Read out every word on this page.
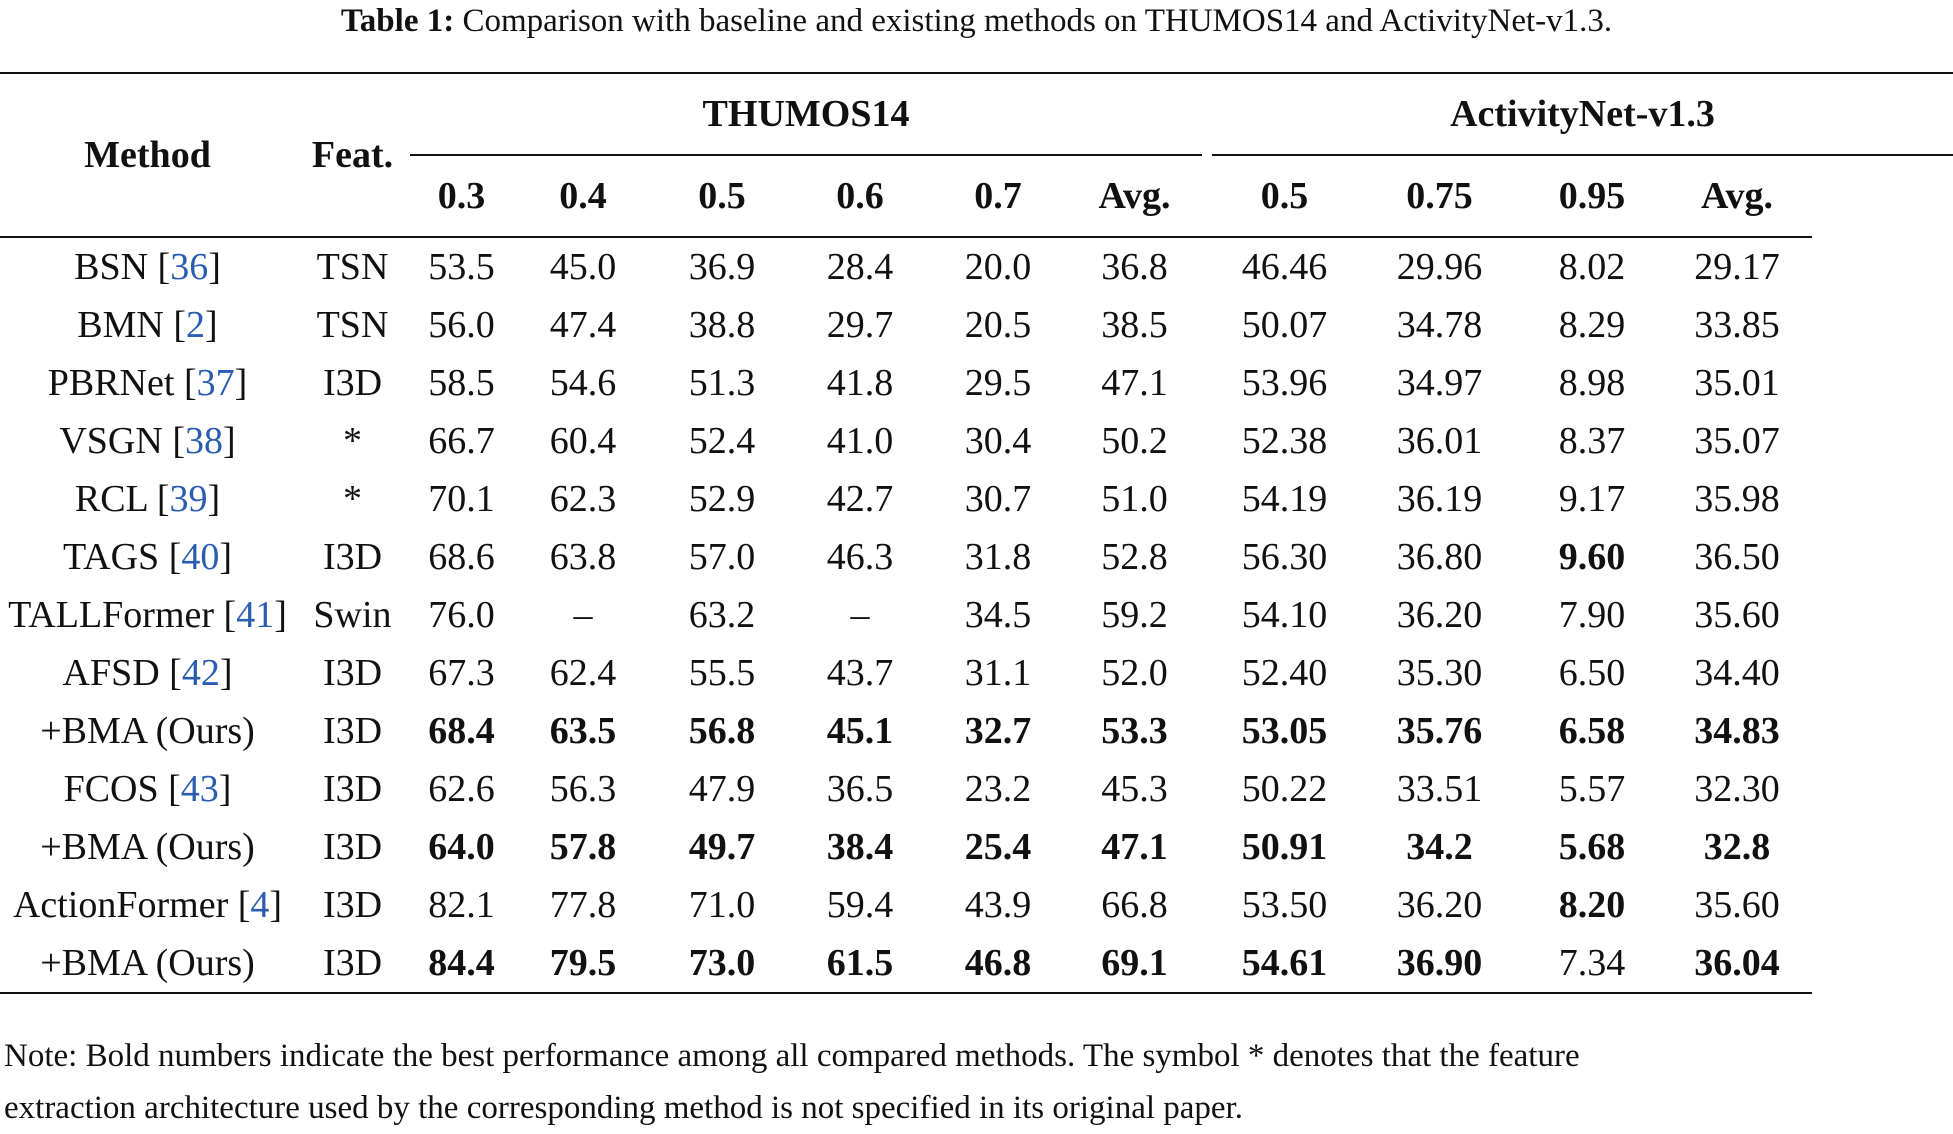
Table 1: Comparison with baseline and existing methods on THUMOS14 and ActivityNet-v1.3.
Method	Feat.	THUMOS14							ActivityNet-v1.3			
		0.3	0.4	0.5	0.6	0.7	Avg.		0.5	0.75	0.95	Avg.
BSN [36]	TSN	53.5	45.0	36.9	28.4	20.0	36.8		46.46	29.96	8.02	29.17
BMN [2]	TSN	56.0	47.4	38.8	29.7	20.5	38.5		50.07	34.78	8.29	33.85
PBRNet [37]	I3D	58.5	54.6	51.3	41.8	29.5	47.1		53.96	34.97	8.98	35.01
VSGN [38]	*	66.7	60.4	52.4	41.0	30.4	50.2		52.38	36.01	8.37	35.07
RCL [39]	*	70.1	62.3	52.9	42.7	30.7	51.0		54.19	36.19	9.17	35.98
TAGS [40]	I3D	68.6	63.8	57.0	46.3	31.8	52.8		56.30	36.80	9.60	36.50
TALLFormer [41]	Swin	76.0	–	63.2	–	34.5	59.2		54.10	36.20	7.90	35.60
AFSD [42]	I3D	67.3	62.4	55.5	43.7	31.1	52.0		52.40	35.30	6.50	34.40
+BMA (Ours)	I3D	68.4	63.5	56.8	45.1	32.7	53.3		53.05	35.76	6.58	34.83
FCOS [43]	I3D	62.6	56.3	47.9	36.5	23.2	45.3		50.22	33.51	5.57	32.30
+BMA (Ours)	I3D	64.0	57.8	49.7	38.4	25.4	47.1		50.91	34.2	5.68	32.8
ActionFormer [4]	I3D	82.1	77.8	71.0	59.4	43.9	66.8		53.50	36.20	8.20	35.60
+BMA (Ours)	I3D	84.4	79.5	73.0	61.5	46.8	69.1		54.61	36.90	7.34	36.04
Note: Bold numbers indicate the best performance among all compared methods. The symbol * denotes that the feature
extraction architecture used by the corresponding method is not specified in its original paper.
